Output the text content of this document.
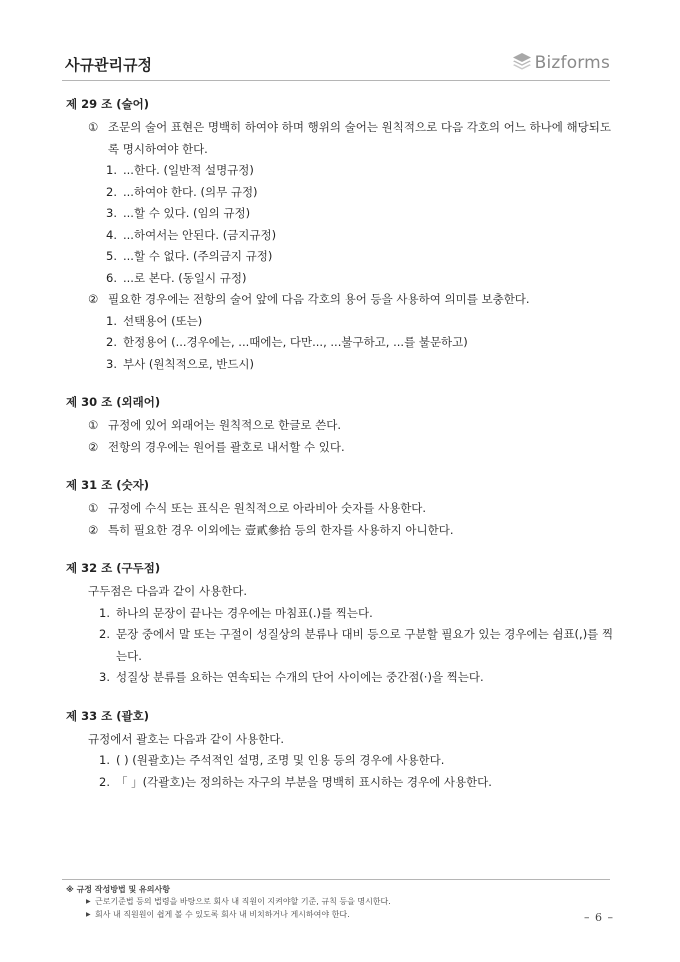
사규관리규정	Bizforms
제 29 조 (술어)
① 조문의 술어 표현은 명백히 하여야 하며 행위의 술어는 원칙적으로 다음 각호의 어느 하나에 해당되도록 명시하여야 한다.
1. ...한다. (일반적 설명규정)
2. ...하여야 한다. (의무 규정)
3. ...할 수 있다. (임의 규정)
4. ...하여서는 안된다. (금지규정)
5. ...할 수 없다. (주의금지 규정)
6. ...로 본다. (동일시 규정)
② 필요한 경우에는 전항의 술어 앞에 다음 각호의 용어 등을 사용하여 의미를 보충한다.
1. 선택용어 (또는)
2. 한정용어 (...경우에는, ...때에는, 다만..., ...불구하고, ...를 불문하고)
3. 부사 (원칙적으로, 반드시)
제 30 조 (외래어)
① 규정에 있어 외래어는 원칙적으로 한글로 쓴다.
② 전항의 경우에는 원어를 괄호로 내서할 수 있다.
제 31 조 (숫자)
① 규정에 수식 또는 표식은 원칙적으로 아라비아 숫자를 사용한다.
② 특히 필요한 경우 이외에는 壹貳參拾 등의 한자를 사용하지 아니한다.
제 32 조 (구두점)
구두점은 다음과 같이 사용한다.
1. 하나의 문장이 끝나는 경우에는 마침표(.)를 찍는다.
2. 문장 중에서 말 또는 구절이 성질상의 분류나 대비 등으로 구분할 필요가 있는 경우에는 쉼표(,)를 찍는다.
3. 성질상 분류를 요하는 연속되는 수개의 단어 사이에는 중간점(·)을 찍는다.
제 33 조 (괄호)
규정에서 괄호는 다음과 같이 사용한다.
1. ( ) (원괄호)는 주석적인 설명, 조명 및 인용 등의 경우에 사용한다.
2. 「 」(각괄호)는 정의하는 자구의 부분을 명백히 표시하는 경우에 사용한다.
※ 규정 작성방법 및 유의사항
▶ 근로기준법 등의 법령을 바탕으로 회사 내 직원이 지켜야할 기준, 규칙 등을 명시한다.
▶ 회사 내 직원원이 쉽게 볼 수 있도록 회사 내 비치하거나 게시하여야 한다.	– 6 –
